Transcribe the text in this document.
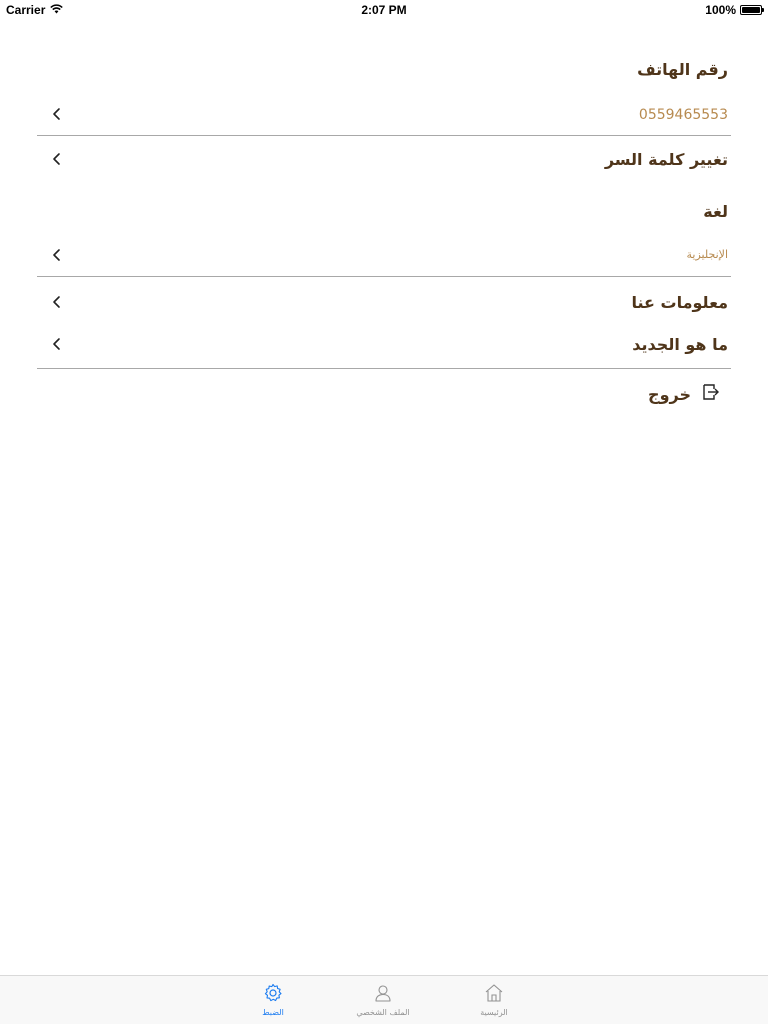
Carrier	2:07 PM	100%
رقم الهاتف
0559465553
تغيير كلمة السر
لغة
الإنجليزية
معلومات عنا
ما هو الجديد
خروج
الضبط	الملف الشخصي	الرئيسية
